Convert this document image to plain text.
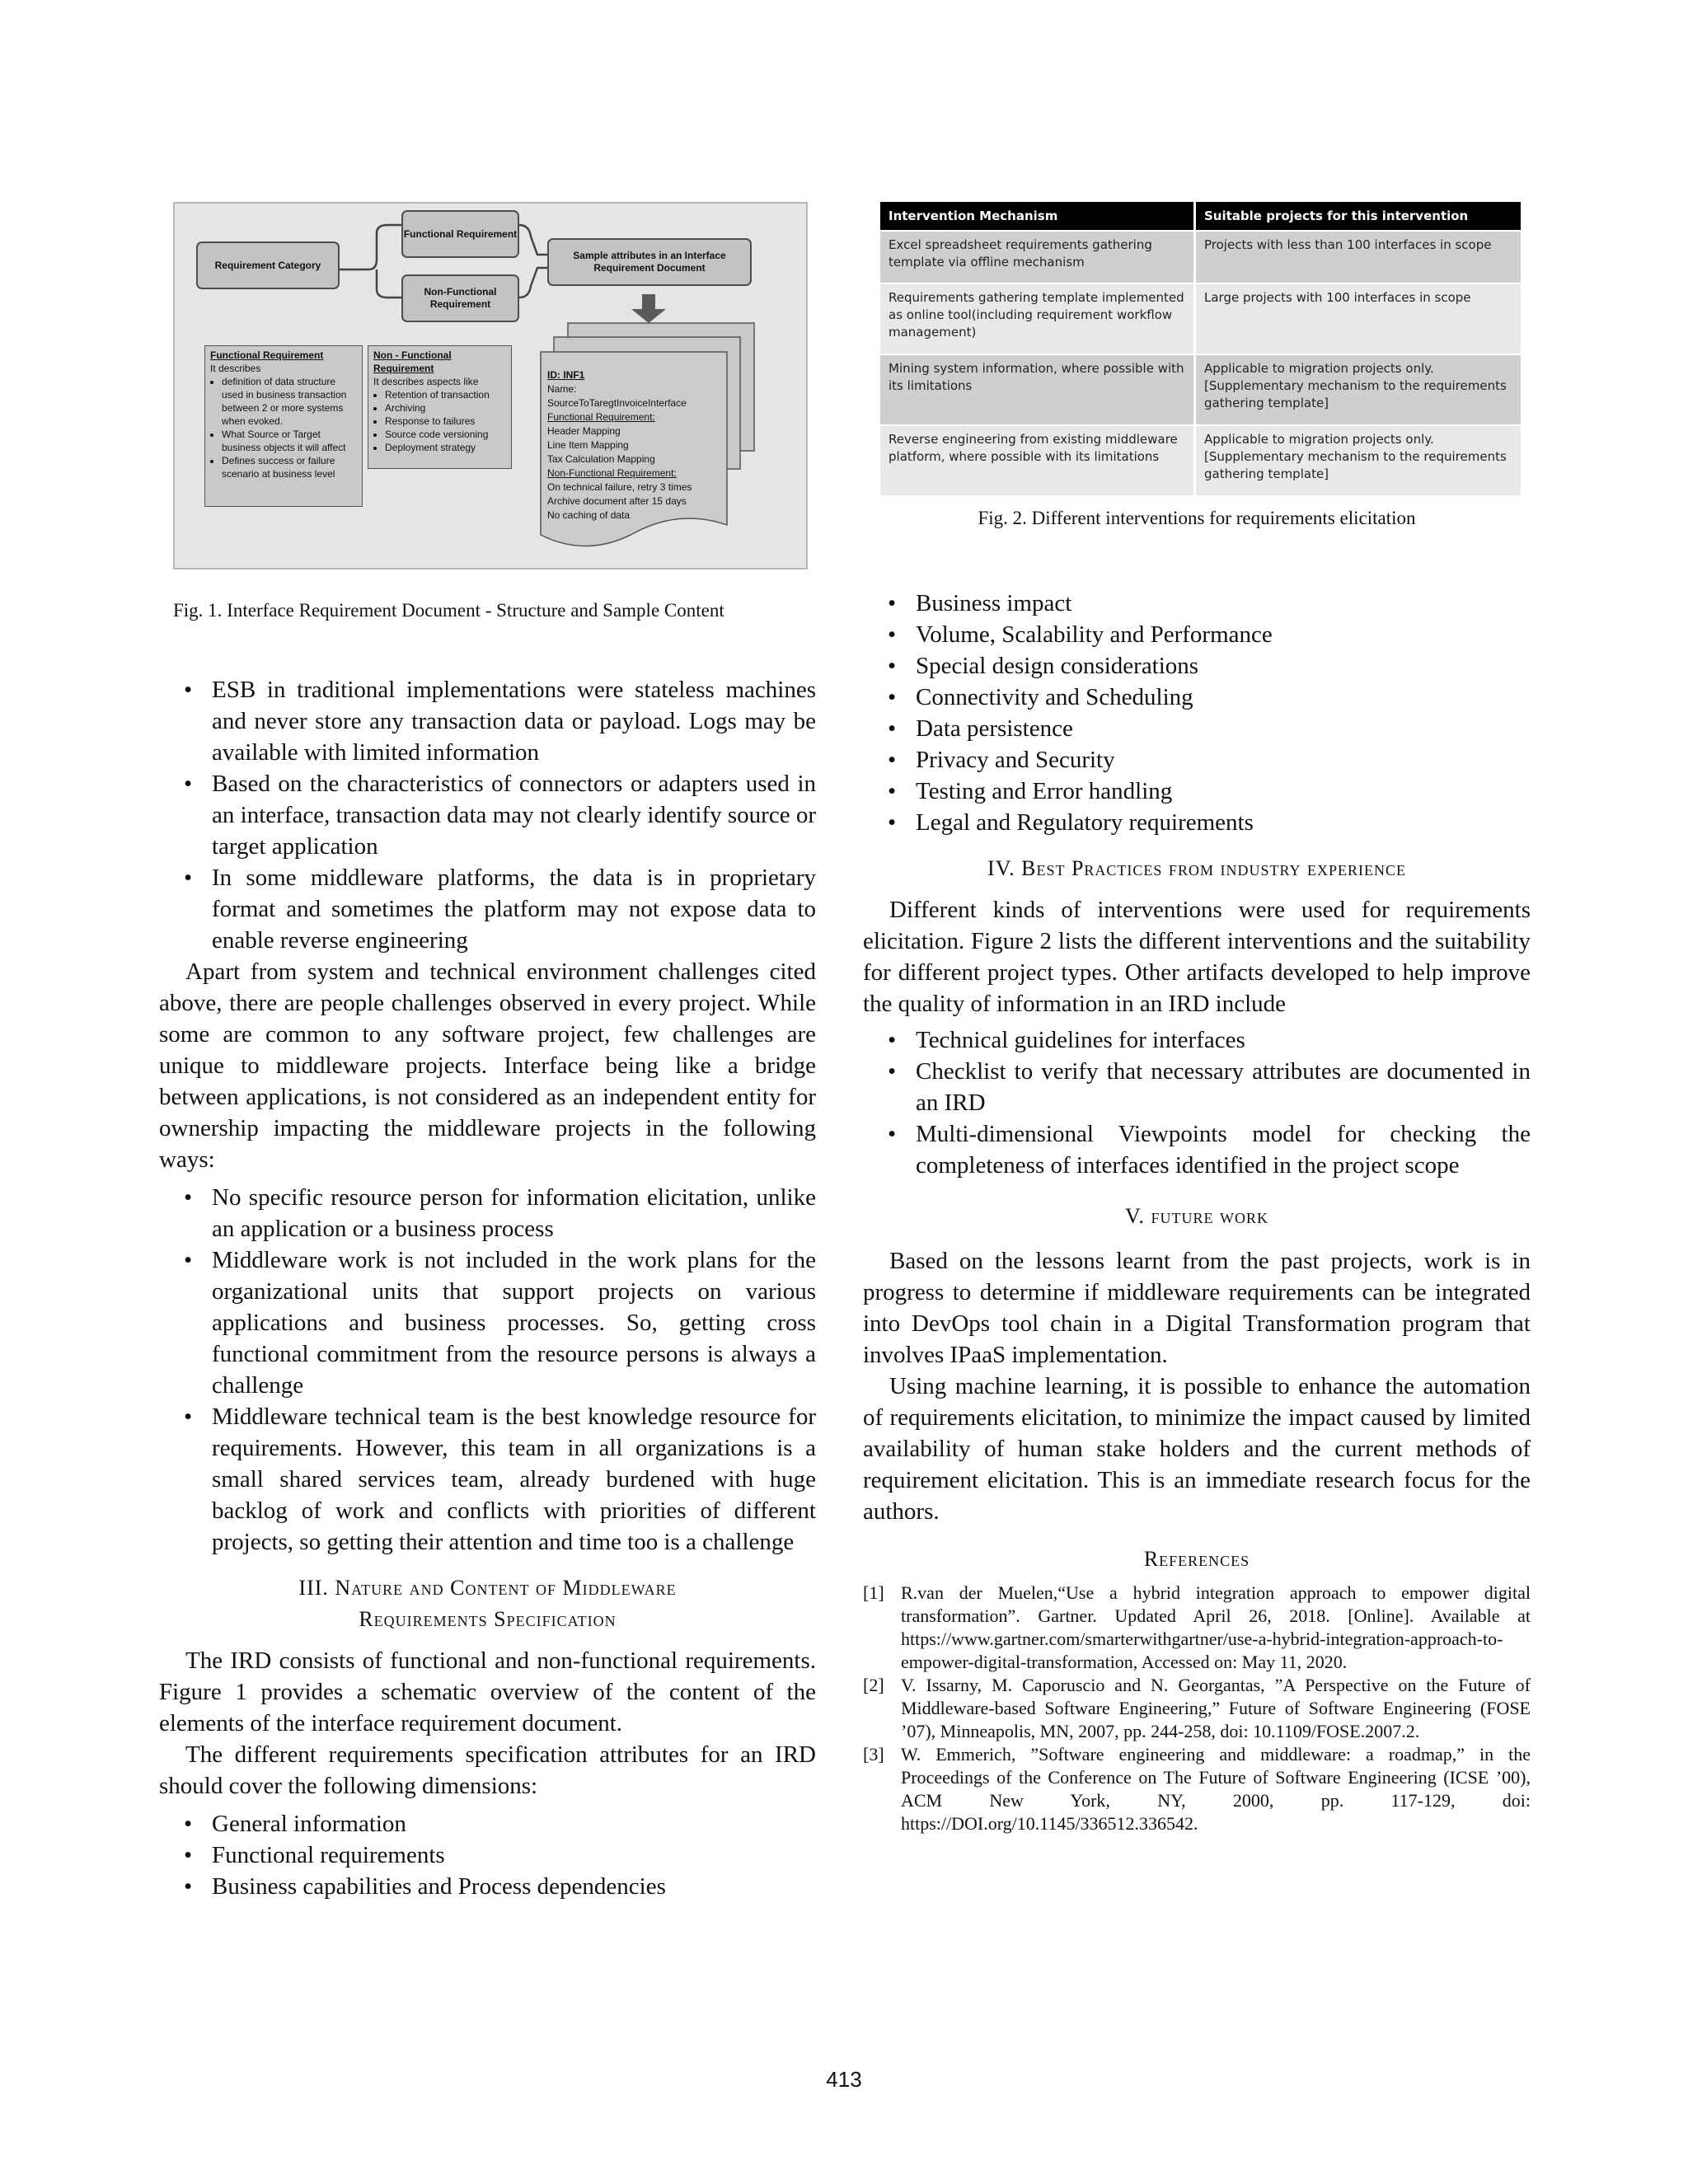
Requirement Category
Functional Requirement
Non-Functional Requirement
Sample attributes in an Interface Requirement Document
Functional Requirement
It describes
• definition of data structure used in business transaction between 2 or more systems when evoked.
• What Source or Target business objects it will affect
• Defines success or failure scenario at business level
Non - Functional Requirement
It describes aspects like
• Retention of transaction
• Archiving
• Response to failures
• Source code versioning
• Deployment strategy
ID: INF1
Name:
SourceToTaregtInvoiceInterface
Functional Requirement:
Header Mapping
Line Item Mapping
Tax Calculation Mapping
Non-Functional Requirement:
On technical failure, retry 3 times
Archive document after 15 days
No caching of data
Fig. 1. Interface Requirement Document - Structure and Sample Content
Intervention Mechanism	Suitable projects for this intervention
Excel spreadsheet requirements gathering template via offline mechanism	Projects with less than 100 interfaces in scope
Requirements gathering template implemented as online tool(including requirement workflow management)	Large projects with 100 interfaces in scope
Mining system information, where possible with its limitations	Applicable to migration projects only. [Supplementary mechanism to the requirements gathering template]
Reverse engineering from existing middleware platform, where possible with its limitations	Applicable to migration projects only. [Supplementary mechanism to the requirements gathering template]
Fig. 2. Different interventions for requirements elicitation
• ESB in traditional implementations were stateless machines and never store any transaction data or payload. Logs may be available with limited information
• Based on the characteristics of connectors or adapters used in an interface, transaction data may not clearly identify source or target application
• In some middleware platforms, the data is in proprietary format and sometimes the platform may not expose data to enable reverse engineering

Apart from system and technical environment challenges cited above, there are people challenges observed in every project. While some are common to any software project, few challenges are unique to middleware projects. Interface being like a bridge between applications, is not considered as an independent entity for ownership impacting the middleware projects in the following ways:

• No specific resource person for information elicitation, unlike an application or a business process
• Middleware work is not included in the work plans for the organizational units that support projects on various applications and business processes. So, getting cross functional commitment from the resource persons is always a challenge
• Middleware technical team is the best knowledge resource for requirements. However, this team in all organizations is a small shared services team, already burdened with huge backlog of work and conflicts with priorities of different projects, so getting their attention and time too is a challenge
III. Nature and Content of Middleware
Requirements Specification

The IRD consists of functional and non-functional requirements. Figure 1 provides a schematic overview of the content of the elements of the interface requirement document.

The different requirements specification attributes for an IRD should cover the following dimensions:

• General information
• Functional requirements
• Business capabilities and Process dependencies
• Business impact
• Volume, Scalability and Performance
• Special design considerations
• Connectivity and Scheduling
• Data persistence
• Privacy and Security
• Testing and Error handling
• Legal and Regulatory requirements
IV. Best Practices from industry experience

Different kinds of interventions were used for requirements elicitation. Figure 2 lists the different interventions and the suitability for different project types. Other artifacts developed to help improve the quality of information in an IRD include

• Technical guidelines for interfaces
• Checklist to verify that necessary attributes are documented in an IRD
• Multi-dimensional Viewpoints model for checking the completeness of interfaces identified in the project scope
V. future work

Based on the lessons learnt from the past projects, work is in progress to determine if middleware requirements can be integrated into DevOps tool chain in a Digital Transformation program that involves IPaaS implementation.

Using machine learning, it is possible to enhance the automation of requirements elicitation, to minimize the impact caused by limited availability of human stake holders and the current methods of requirement elicitation. This is an immediate research focus for the authors.

References
[1] R.van der Muelen,“Use a hybrid integration approach to empower digital transformation”. Gartner. Updated April 26, 2018. [Online]. Available at https://www.gartner.com/smarterwithgartner/use-a-hybrid-integration-approach-to-empower-digital-transformation, Accessed on: May 11, 2020.
[2] V. Issarny, M. Caporuscio and N. Georgantas, ”A Perspective on the Future of Middleware-based Software Engineering,” Future of Software Engineering (FOSE ’07), Minneapolis, MN, 2007, pp. 244-258, doi: 10.1109/FOSE.2007.2.
[3] W. Emmerich, ”Software engineering and middleware: a roadmap,” in the Proceedings of the Conference on The Future of Software Engineering (ICSE ’00), ACM New York, NY, 2000, pp. 117-129, doi: https://DOI.org/10.1145/336512.336542.
413
